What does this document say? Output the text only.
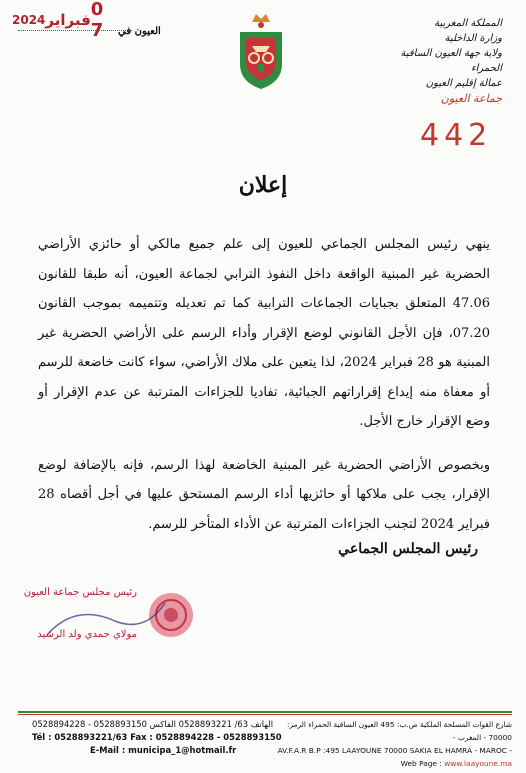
2024 فبراير 0 7	العيون في
المملكة المغربية
وزارة الداخلية
ولاية جهة العيون الساقية الحمراء
عمالة إقليم العيون
جماعة العيون
442
إعلان

ينهي رئيس المجلس الجماعي للعيون إلى علم جميع مالكي أو حائزي الأراضي الحضرية غير المبنية الواقعة داخل النفوذ الترابي لجماعة العيون، أنه طبقا للقانون 47.06 المتعلق بجبايات الجماعات الترابية كما تم تعديله وتتميمه بموجب القانون 07.20، فإن الأجل القانوني لوضع الإقرار وأداء الرسم على الأراضي الحضرية غير المبنية هو 28 فبراير 2024، لذا يتعين على ملاك الأراضي، سواء كانت خاضعة للرسم أو معفاة منه إيداع إقراراتهم الجبائية، تفاديا للجزاءات المترتبة عن عدم الإقرار أو وضع الإقرار خارج الأجل.

وبخصوص الأراضي الحضرية غير المبنية الخاضعة لهذا الرسم، فإنه بالإضافة لوضع الإقرار، يجب على ملاكها أو حائزيها أداء الرسم المستحق عليها في أجل أقصاه 28 فبراير 2024 لتجنب الجزاءات المترتبة عن الأداء المتأخر للرسم.

رئيس المجلس الجماعي
رئيس مجلس جماعة العيون
مولاي حمدي ولد الرشيد
الهاتف 63/ 0528893221 الفاكس 0528893150 - 0528894228
Tél : 0528893221/63 Fax : 0528894228 - 0528893150
E-Mail : municipa_1@hotmail.fr
شارع القوات المسلحة الملكية ص.ب: 495 العيون الساقية الحمراء الرمز: 70000 - المغرب -
AV.F.A.R B.P :495 LAAYOUNE 70000 SAKIA EL HAMRA - MAROC -
Web Page : www.laayoune.ma
